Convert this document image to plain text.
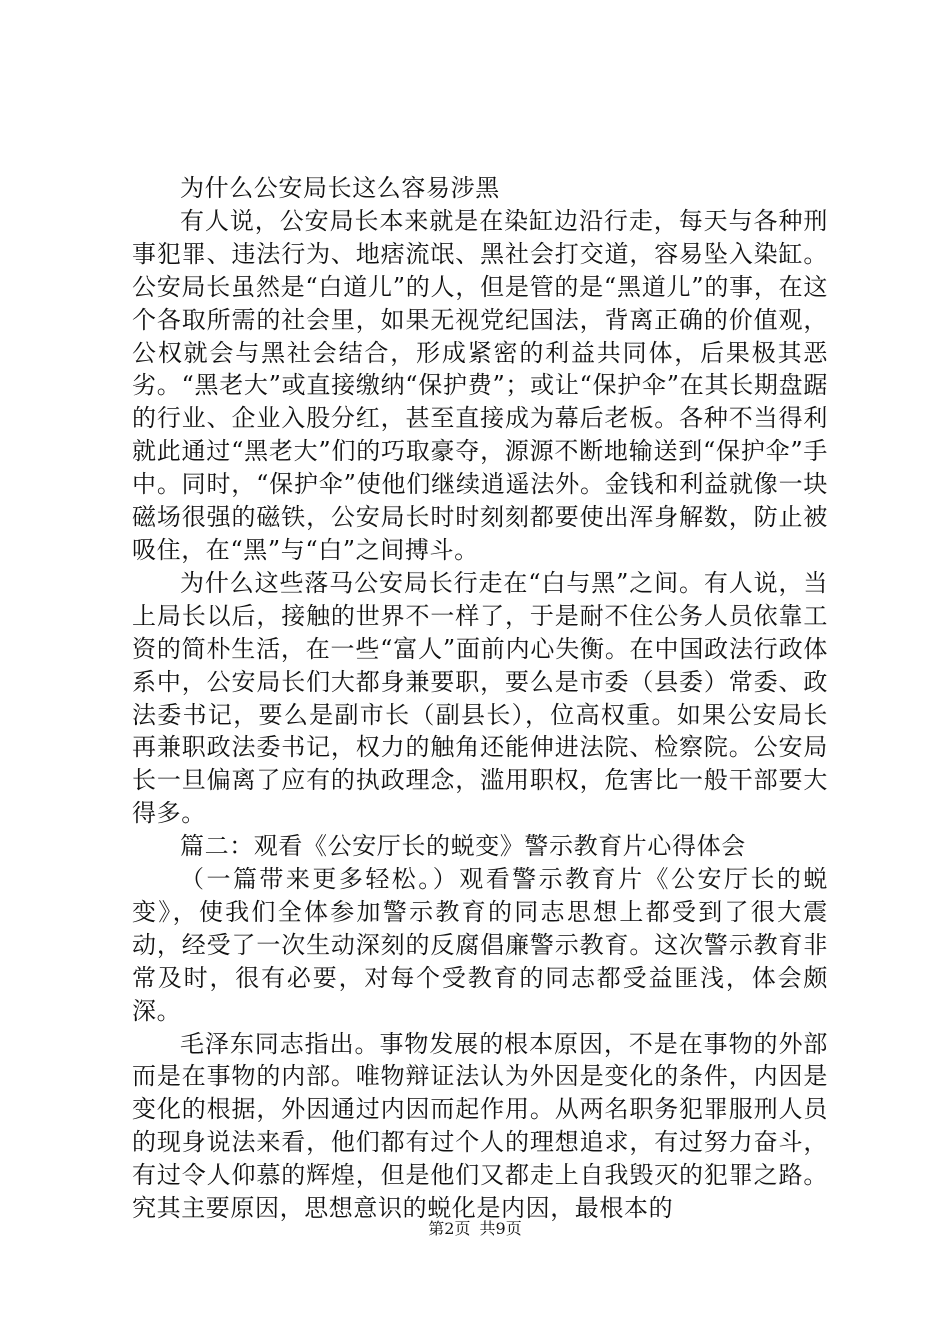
为什么公安局长这么容易涉黑

有人说，公安局长本来就是在染缸边沿行走，每天与各种刑事犯罪、违法行为、地痞流氓、黑社会打交道，容易坠入染缸。公安局长虽然是“白道儿”的人，但是管的是“黑道儿”的事，在这个各取所需的社会里，如果无视党纪国法，背离正确的价值观，公权就会与黑社会结合，形成紧密的利益共同体，后果极其恶劣。“黑老大”或直接缴纳“保护费”；或让“保护伞”在其长期盘踞的行业、企业入股分红，甚至直接成为幕后老板。各种不当得利就此通过“黑老大”们的巧取豪夺，源源不断地输送到“保护伞”手中。同时，“保护伞”使他们继续逍遥法外。金钱和利益就像一块磁场很强的磁铁，公安局长时时刻刻都要使出浑身解数，防止被吸住，在“黑”与“白”之间搏斗。

为什么这些落马公安局长行走在“白与黑”之间。有人说，当上局长以后，接触的世界不一样了，于是耐不住公务人员依靠工资的简朴生活，在一些“富人”面前内心失衡。在中国政法行政体系中，公安局长们大都身兼要职，要么是市委（县委）常委、政法委书记，要么是副市长（副县长），位高权重。如果公安局长再兼职政法委书记，权力的触角还能伸进法院、检察院。公安局长一旦偏离了应有的执政理念，滥用职权，危害比一般干部要大得多。

篇二：观看《公安厅长的蜕变》警示教育片心得体会

（一篇带来更多轻松。）观看警示教育片《公安厅长的蜕变》，使我们全体参加警示教育的同志思想上都受到了很大震动，经受了一次生动深刻的反腐倡廉警示教育。这次警示教育非常及时，很有必要，对每个受教育的同志都受益匪浅，体会颇深。

毛泽东同志指出。事物发展的根本原因，不是在事物的外部而是在事物的内部。唯物辩证法认为外因是变化的条件，内因是变化的根据，外因通过内因而起作用。从两名职务犯罪服刑人员的现身说法来看，他们都有过个人的理想追求，有过努力奋斗，有过令人仰慕的辉煌，但是他们又都走上自我毁灭的犯罪之路。究其主要原因，思想意识的蜕化是内因，最根本的

第2页 共9页
